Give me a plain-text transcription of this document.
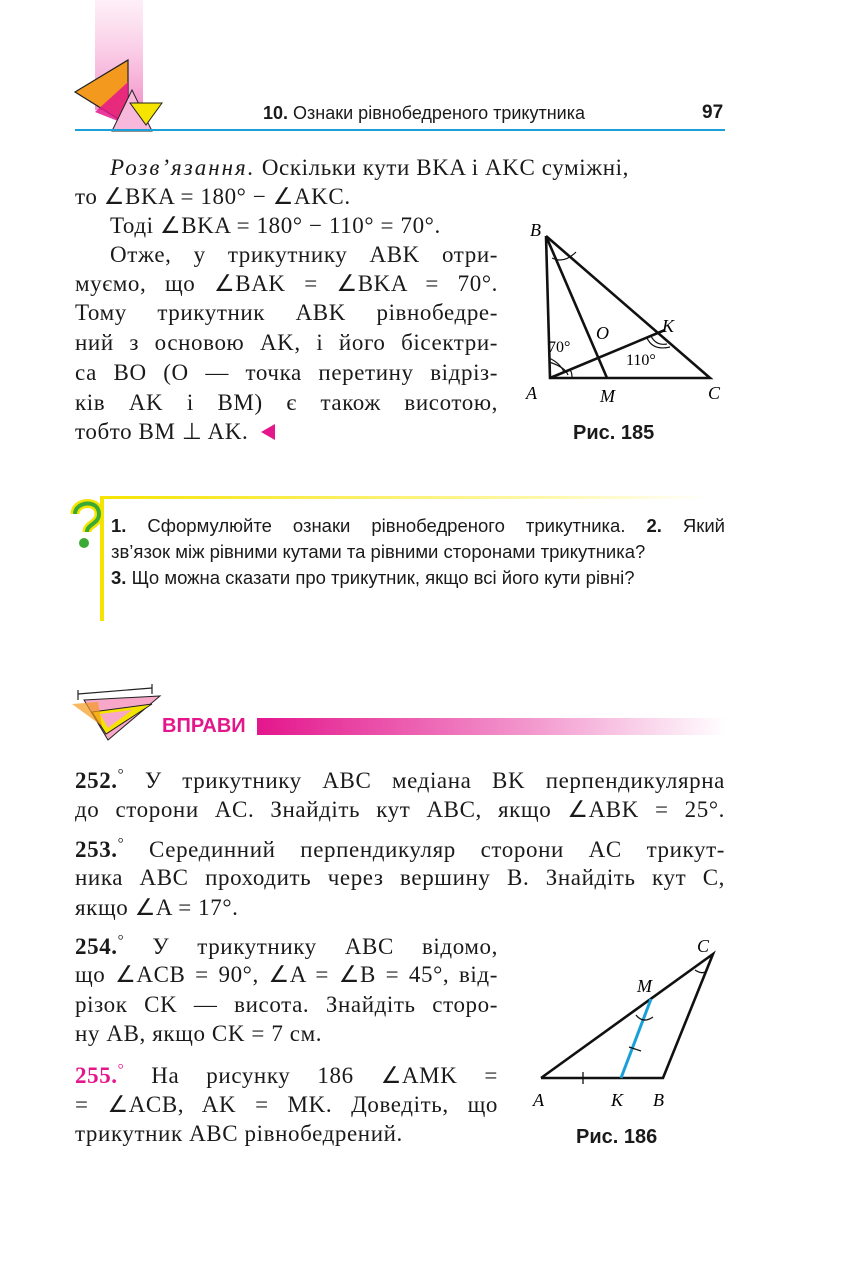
10. Ознаки рівнобедреного трикутника	97
Розв’язання. Оскільки кути BKA і AKC суміжні,
то ∠BKA = 180° − ∠AKC.
Тоді ∠BKA = 180° − 110° = 70°.
Отже, у трикутнику ABK отри-
муємо, що ∠BAK = ∠BKA = 70°.
Тому трикутник ABK рівнобедре-
ний з основою AK, і його бісектри-
са BO (O — точка перетину відріз-
ків AK і BM) є також висотою,
тобто BM ⊥ AK.
B
A	M	C
O	K
70°
110°
Рис. 185
1. Сформулюйте ознаки рівнобедреного трикутника. 2. Який
зв’язок між рівними кутами та рівними сторонами трикутника?
3. Що можна сказати про трикутник, якщо всі його кути рівні?
ВПРАВИ
252.° У трикутнику ABC медіана BK перпендикулярна
до сторони AC. Знайдіть кут ABC, якщо ∠ABK = 25°.
253.° Серединний перпендикуляр сторони AC трикут-
ника ABC проходить через вершину B. Знайдіть кут C,
якщо ∠A = 17°.
254.° У трикутнику ABC відомо,
що ∠ACB = 90°, ∠A = ∠B = 45°, від-
різок CK — висота. Знайдіть сторо-
ну AB, якщо CK = 7 см.
255.° На рисунку 186 ∠AMK =
= ∠ACB, AK = MK. Доведіть, що
трикутник ABC рівнобедрений.
C
M
A	K B
Рис. 186
